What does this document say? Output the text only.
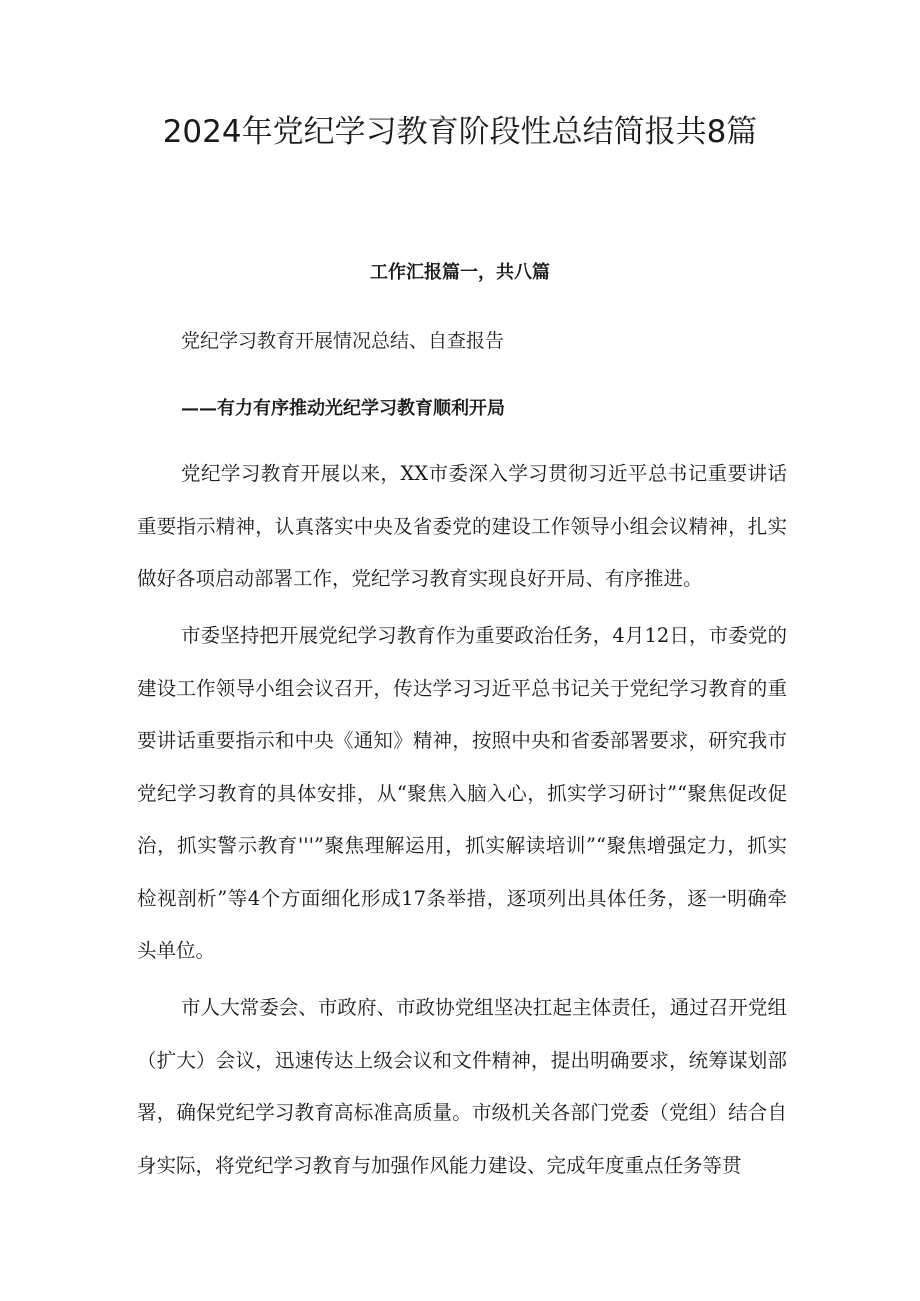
2024年党纪学习教育阶段性总结简报共8篇
工作汇报篇一，共八篇

党纪学习教育开展情况总结、自查报告

——有力有序推动光纪学习教育顺利开局

党纪学习教育开展以来，XX市委深入学习贯彻习近平总书记重要讲话重要指示精神，认真落实中央及省委党的建设工作领导小组会议精神，扎实做好各项启动部署工作，党纪学习教育实现良好开局、有序推进。

市委坚持把开展党纪学习教育作为重要政治任务，4月12日，市委党的建设工作领导小组会议召开，传达学习习近平总书记关于党纪学习教育的重要讲话重要指示和中央《通知》精神，按照中央和省委部署要求，研究我市党纪学习教育的具体安排，从“聚焦入脑入心，抓实学习研讨”“聚焦促改促治，抓实警示教育'''”聚焦理解运用，抓实解读培训”“聚焦增强定力，抓实检视剖析”等4个方面细化形成17条举措，逐项列出具体任务，逐一明确牵头单位。

市人大常委会、市政府、市政协党组坚决扛起主体责任，通过召开党组（扩大）会议，迅速传达上级会议和文件精神，提出明确要求，统筹谋划部署，确保党纪学习教育高标准高质量。市级机关各部门党委（党组）结合自身实际，将党纪学习教育与加强作风能力建设、完成年度重点任务等贯
